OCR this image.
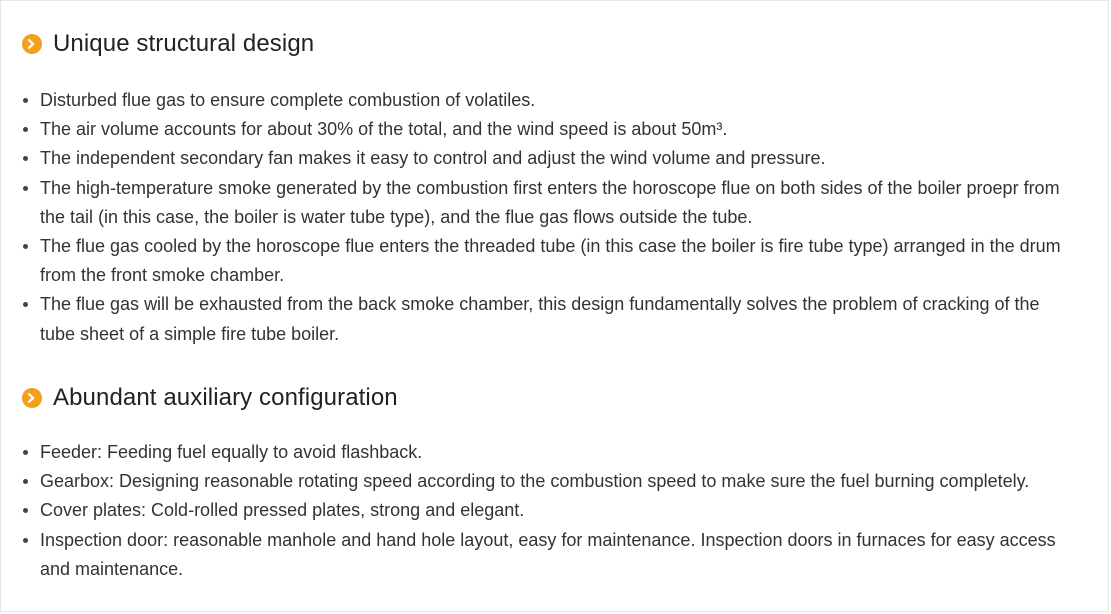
Unique structural design
Disturbed flue gas to ensure complete combustion of volatiles.
The air volume accounts for about 30% of the total, and the wind speed is about 50m³.
The independent secondary fan makes it easy to control and adjust the wind volume and pressure.
The high-temperature smoke generated by the combustion first enters the horoscope flue on both sides of the boiler proepr from the tail (in this case, the boiler is water tube type), and the flue gas flows outside the tube.
The flue gas cooled by the horoscope flue enters the threaded tube (in this case the boiler is fire tube type) arranged in the drum from the front smoke chamber.
The flue gas will be exhausted from the back smoke chamber, this design fundamentally solves the problem of cracking of the tube sheet of a simple fire tube boiler.
Abundant auxiliary configuration
Feeder: Feeding fuel equally to avoid flashback.
Gearbox: Designing reasonable rotating speed according to the combustion speed to make sure the fuel burning completely.
Cover plates: Cold-rolled pressed plates, strong and elegant.
Inspection door: reasonable manhole and hand hole layout, easy for maintenance. Inspection doors in furnaces for easy access and maintenance.
